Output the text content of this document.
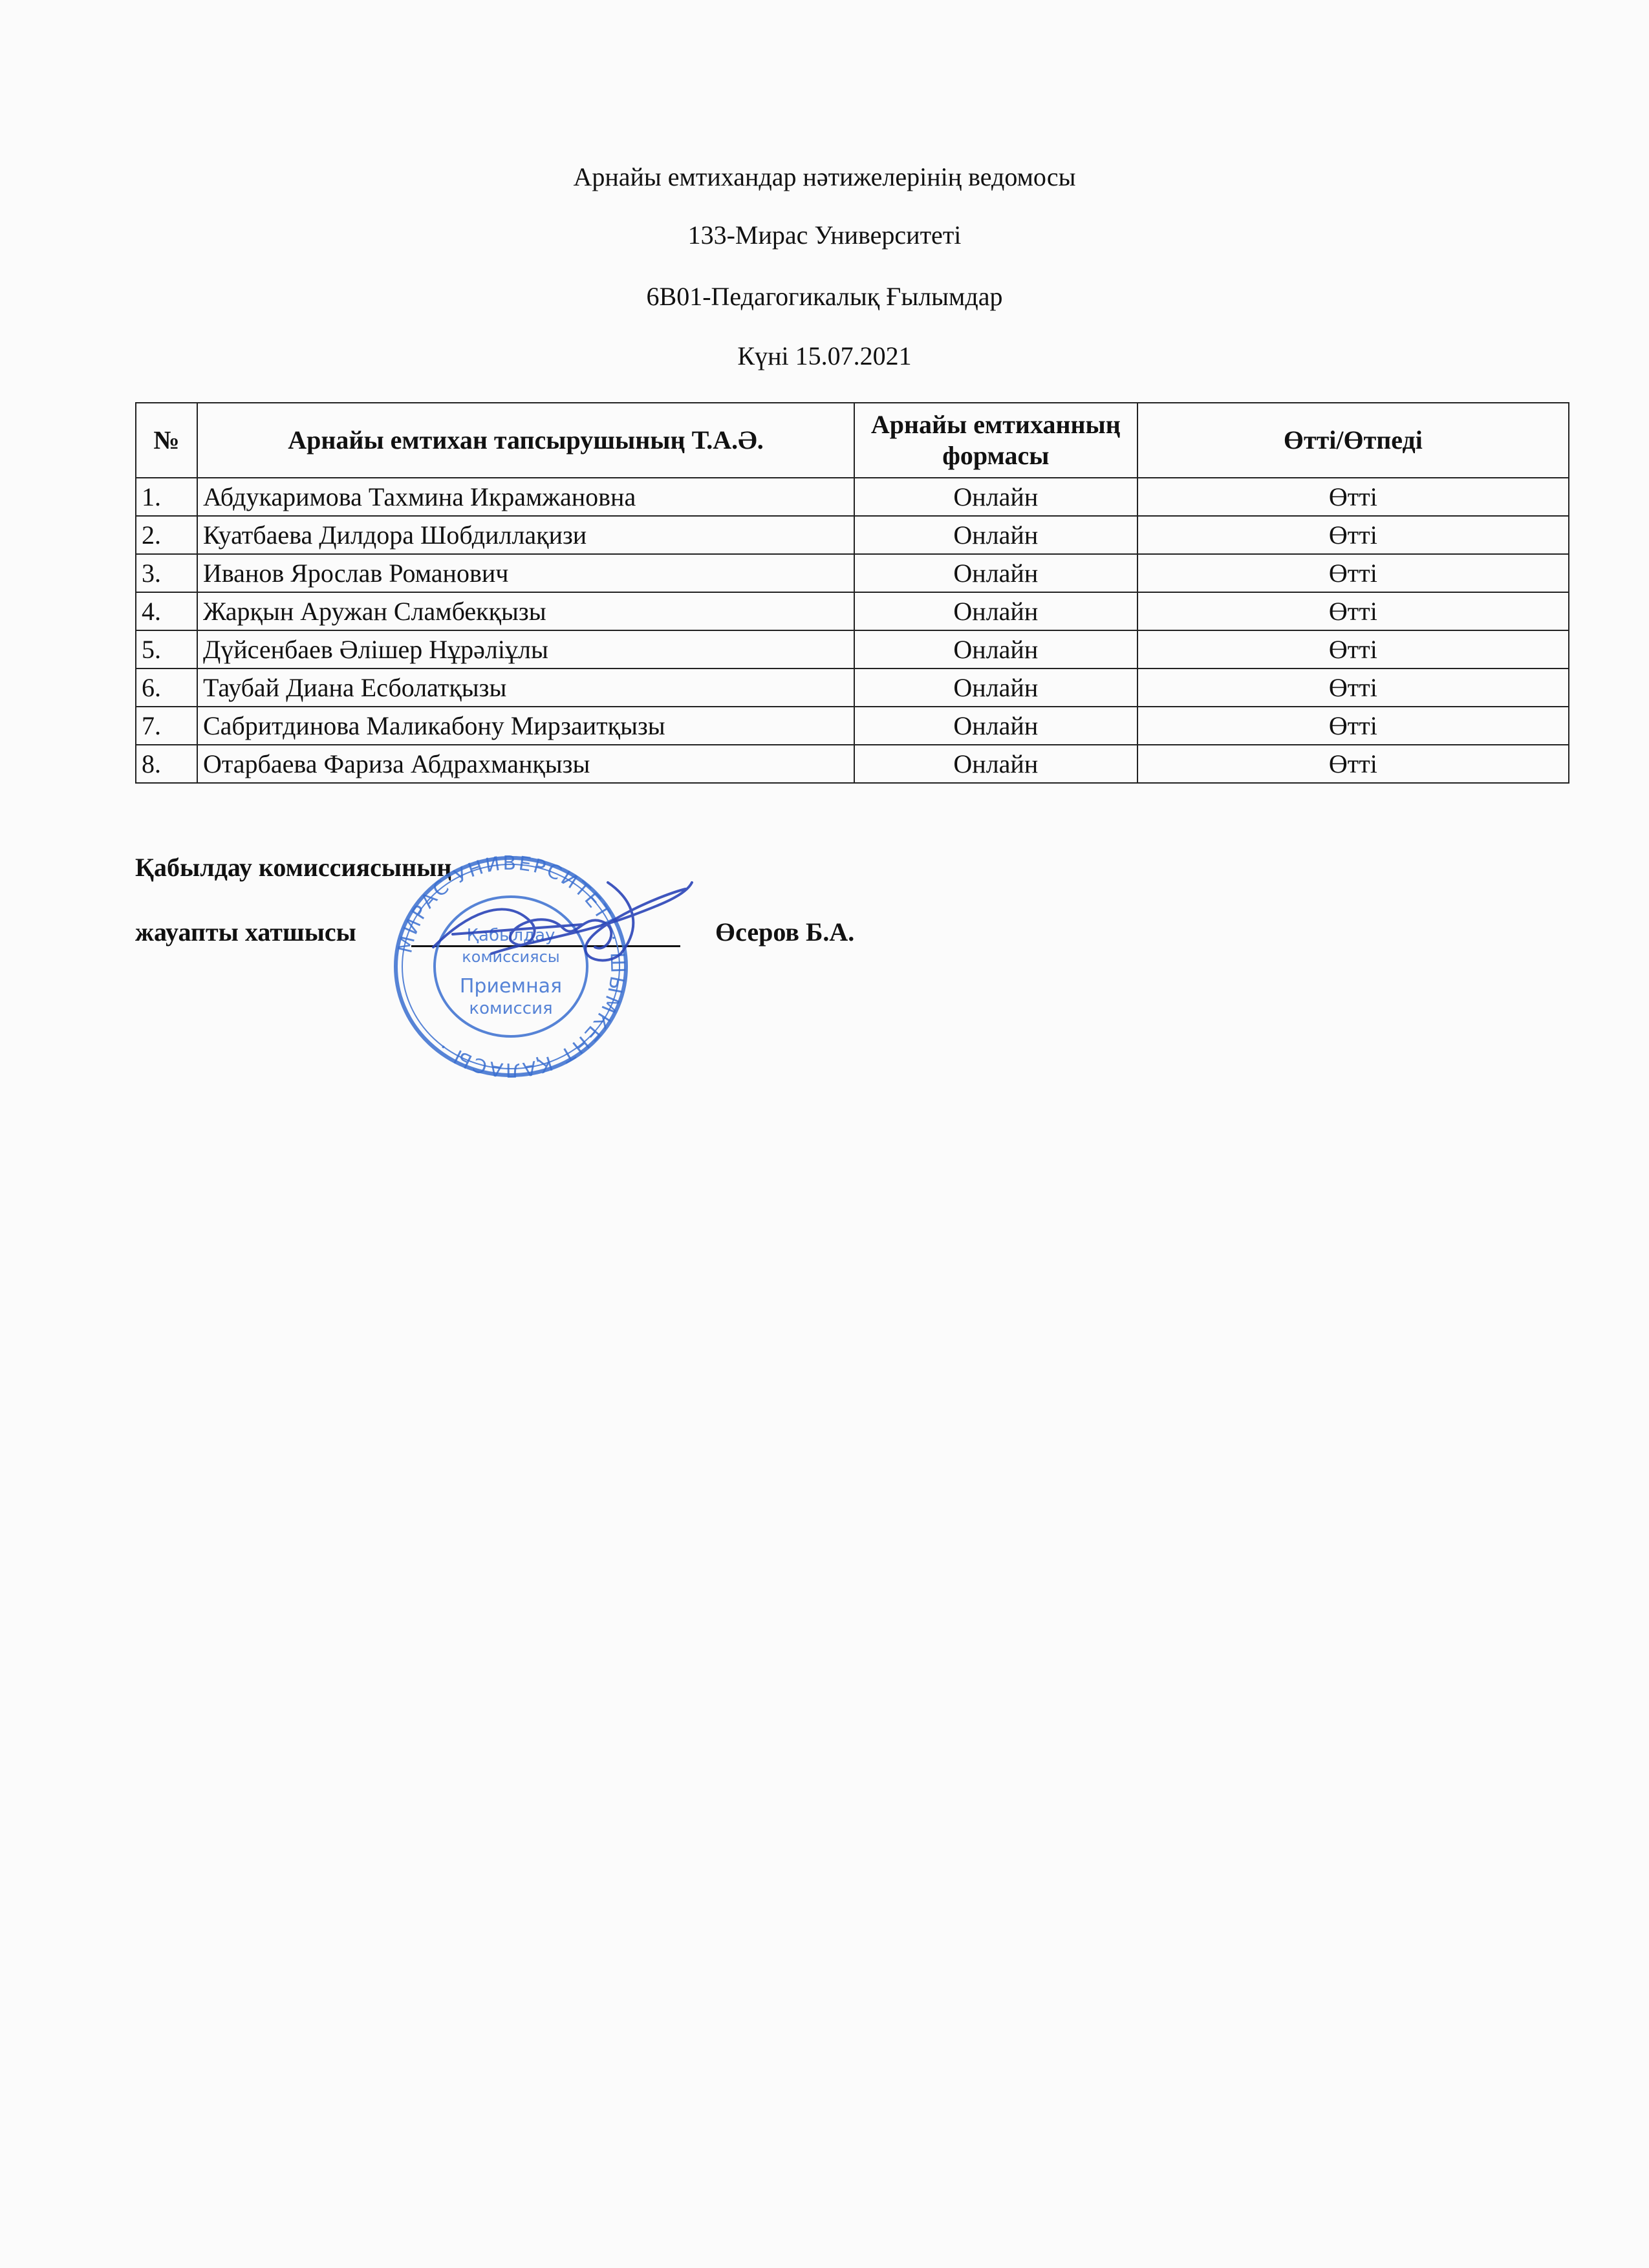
Арнайы емтихандар нәтижелерінің ведомосы
133-Мирас Университеті
6В01-Педагогикалық Ғылымдар
Күні 15.07.2021
№	Арнайы емтихан тапсырушының Т.А.Ә.	Арнайы емтиханның формасы	Өтті/Өтпеді
1.	Абдукаримова Тахмина Икрамжановна	Онлайн	Өтті
2.	Куатбаева Дилдора Шобдиллақизи	Онлайн	Өтті
3.	Иванов Ярослав Романович	Онлайн	Өтті
4.	Жарқын Аружан Сламбекқызы	Онлайн	Өтті
5.	Дүйсенбаев Әлішер Нұрәліұлы	Онлайн	Өтті
6.	Таубай Диана Есболатқызы	Онлайн	Өтті
7.	Сабритдинова Маликабону Мирзаитқызы	Онлайн	Өтті
8.	Отарбаева Фариза Абдрахманқызы	Онлайн	Өтті
Қабылдау комиссиясының
жауапты хатшысы	Өсеров Б.А.
МИРАС УНИВЕРСИТЕТІ · ШЫМКЕНТ ҚАЛАСЫ ·
Қабылдау
комиссиясы
Приемная
комиссия
